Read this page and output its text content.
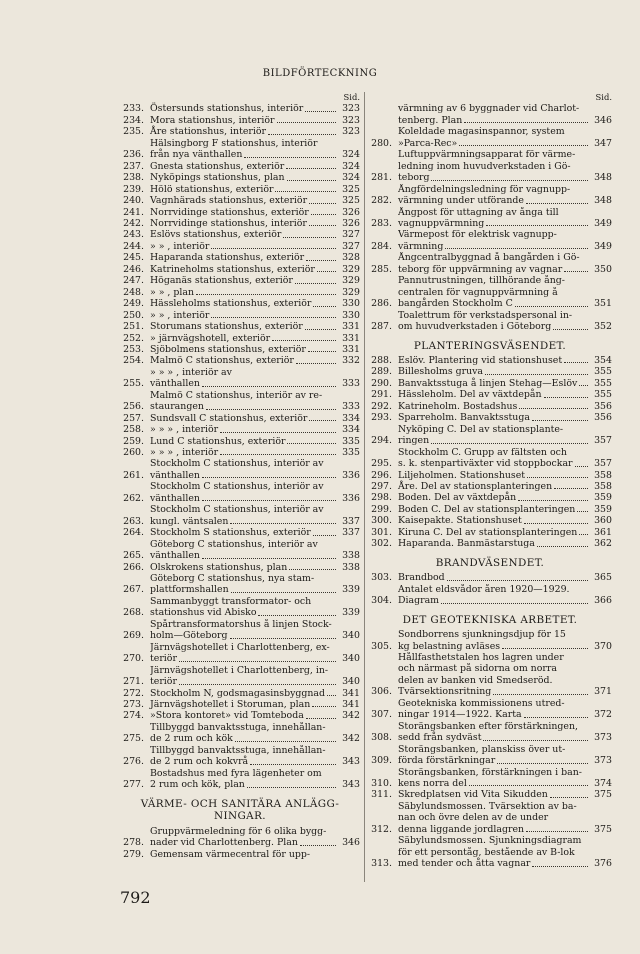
BILDFÖRTECKNING
Sid.
233. Östersunds stationshus, interiör	323
234. Mora stationshus, interiör	323
235. Åre stationshus, interiör	323
236.
Hälsingborg F stationshus, interiör
från nya vänthallen	324
237. Gnesta stationshus, exteriör	324
238. Nyköpings stationshus, plan	324
239. Hölö stationshus, exteriör	325
240. Vagnhärads stationshus, exteriör	325
241. Norrvidinge stationshus, exteriör	326
242. Norrvidinge stationshus, interiör	326
243. Eslövs stationshus, exteriör	327
244. » » , interiör	327
245. Haparanda stationshus, exteriör	328
246. Katrineholms stationshus, exteriör	329
247. Höganäs stationshus, exteriör	329
248. » » , plan	329
249. Hässleholms stationshus, exteriör	330
250. » » , interiör	330
251. Storumans stationshus, exteriör	331
252. » järnvägshotell, exteriör	331
253. Sjöbolmens stationshus, exteriör	331
254. Malmö C stationshus, exteriör	332
255.
» » » , interiör av
vänthallen	333
256.
Malmö C stationshus, interiör av re-
staurangen	333
257. Sundsvall C stationshus, exteriör	334
258. » » » , interiör	334
259. Lund C stationshus, exteriör	335
260. » » » , interiör	335
261.
Stockholm C stationshus, interiör av
vänthallen	336
262.
Stockholm C stationshus, interiör av
vänthallen	336
263.
Stockholm C stationshus, interiör av
kungl. väntsalen	337
264. Stockholm S stationshus, exteriör	337
265.
Göteborg C stationshus, interiör av
vänthallen	338
266. Olskrokens stationshus, plan	338
267.
Göteborg C stationshus, nya stam-
plattformshallen	339
268.
Sammanbyggt transformator- och
stationshus vid Abisko	339
269.
Spårtransformatorshus å linjen Stock-
holm—Göteborg	340
270.
Järnvägshotellet i Charlottenberg, ex-
teriör	340
271.
Järnvägshotellet i Charlottenberg, in-
teriör	340
272. Stockholm N, godsmagasinsbyggnad	341
273. Järnvägshotellet i Storuman, plan	341
274. »Stora kontoret» vid Tomteboda	342
275.
Tillbyggd banvaktsstuga, innehållan-
de 2 rum och kök	342
276.
Tillbyggd banvaktsstuga, innehållan-
de 2 rum och kokvrå	343
277.
Bostadshus med fyra lägenheter om
2 rum och kök, plan	343
VÄRME- OCH SANITÄRA ANLÄGG-
NINGAR.
278.
Gruppvärmeledning för 6 olika bygg-
nader vid Charlottenberg. Plan	346
279. Gemensam värmecentral för upp-
Sid.
värmning av 6 byggnader vid Charlot-
tenberg. Plan	346
280.
Koleldade magasinspannor, system
»Parca-Rec»	347
281.
Luftuppvärmningsapparat för värme-
ledning inom huvudverkstaden i Gö-
teborg	348
282.
Ångfördelningsledning för vagnupp-
värmning under utförande	348
283.
Ångpost för uttagning av ånga till
vagnuppvärmning	349
284.
Värmepost för elektrisk vagnupp-
värmning	349
285.
Ångcentralbyggnad å bangården i Gö-
teborg för uppvärmning av vagnar	350
286.
Pannutrustningen, tillhörande ång-
centralen för vagnuppvärmning å
bangården Stockholm C	351
287.
Toalettrum för verkstadspersonal in-
om huvudverkstaden i Göteborg	352
PLANTERINGSVÄSENDET.
288. Eslöv. Plantering vid stationshuset	354
289. Billesholms gruva	355
290. Banvaktsstuga å linjen Stehag—Eslöv	355
291. Hässleholm. Del av växtdepån	355
292. Katrineholm. Bostadshus	356
293. Sparreholm. Banvaktsstuga	356
294.
Nyköping C. Del av stationsplante-
ringen	357
295.
Stockholm C. Grupp av fältsten och
s. k. stenpartiväxter vid stoppbockar	357
296. Liljeholmen. Stationshuset	358
297. Åre. Del av stationsplanteringen	358
298. Boden. Del av växtdepån	359
299. Boden C. Del av stationsplanteringen	359
300. Kaisepakte. Stationshuset	360
301. Kiruna C. Del av stationsplanteringen	361
302. Haparanda. Banmästarstuga	362
BRANDVÄSENDET.
303. Brandbod	365
304.
Antalet eldsvådor åren 1920—1929.
Diagram	366
DET GEOTEKNISKA ARBETET.
305.
Sondborrens sjunkningsdjup för 15
kg belastning avläses	370
306.
Hållfasthetstalen hos lagren under
och närmast på sidorna om norra
delen av banken vid Smedseröd.
Tvärsektionsritning	371
307.
Geotekniska kommissionens utred-
ningar 1914—1922. Karta	372
308.
Storängsbanken efter förstärkningen,
sedd från sydväst	373
309.
Storängsbanken, planskiss över ut-
förda förstärkningar	373
310.
Storängsbanken, förstärkningen i ban-
kens norra del	374
311. Skredplatsen vid Vita Sikudden	375
312.
Säbylundsmossen. Tvärsektion av ba-
nan och övre delen av de under
denna liggande jordlagren	375
313.
Säbylundsmossen. Sjunkningsdiagram
för ett persontåg, bestående av B-lok
med tender och åtta vagnar	376
792
